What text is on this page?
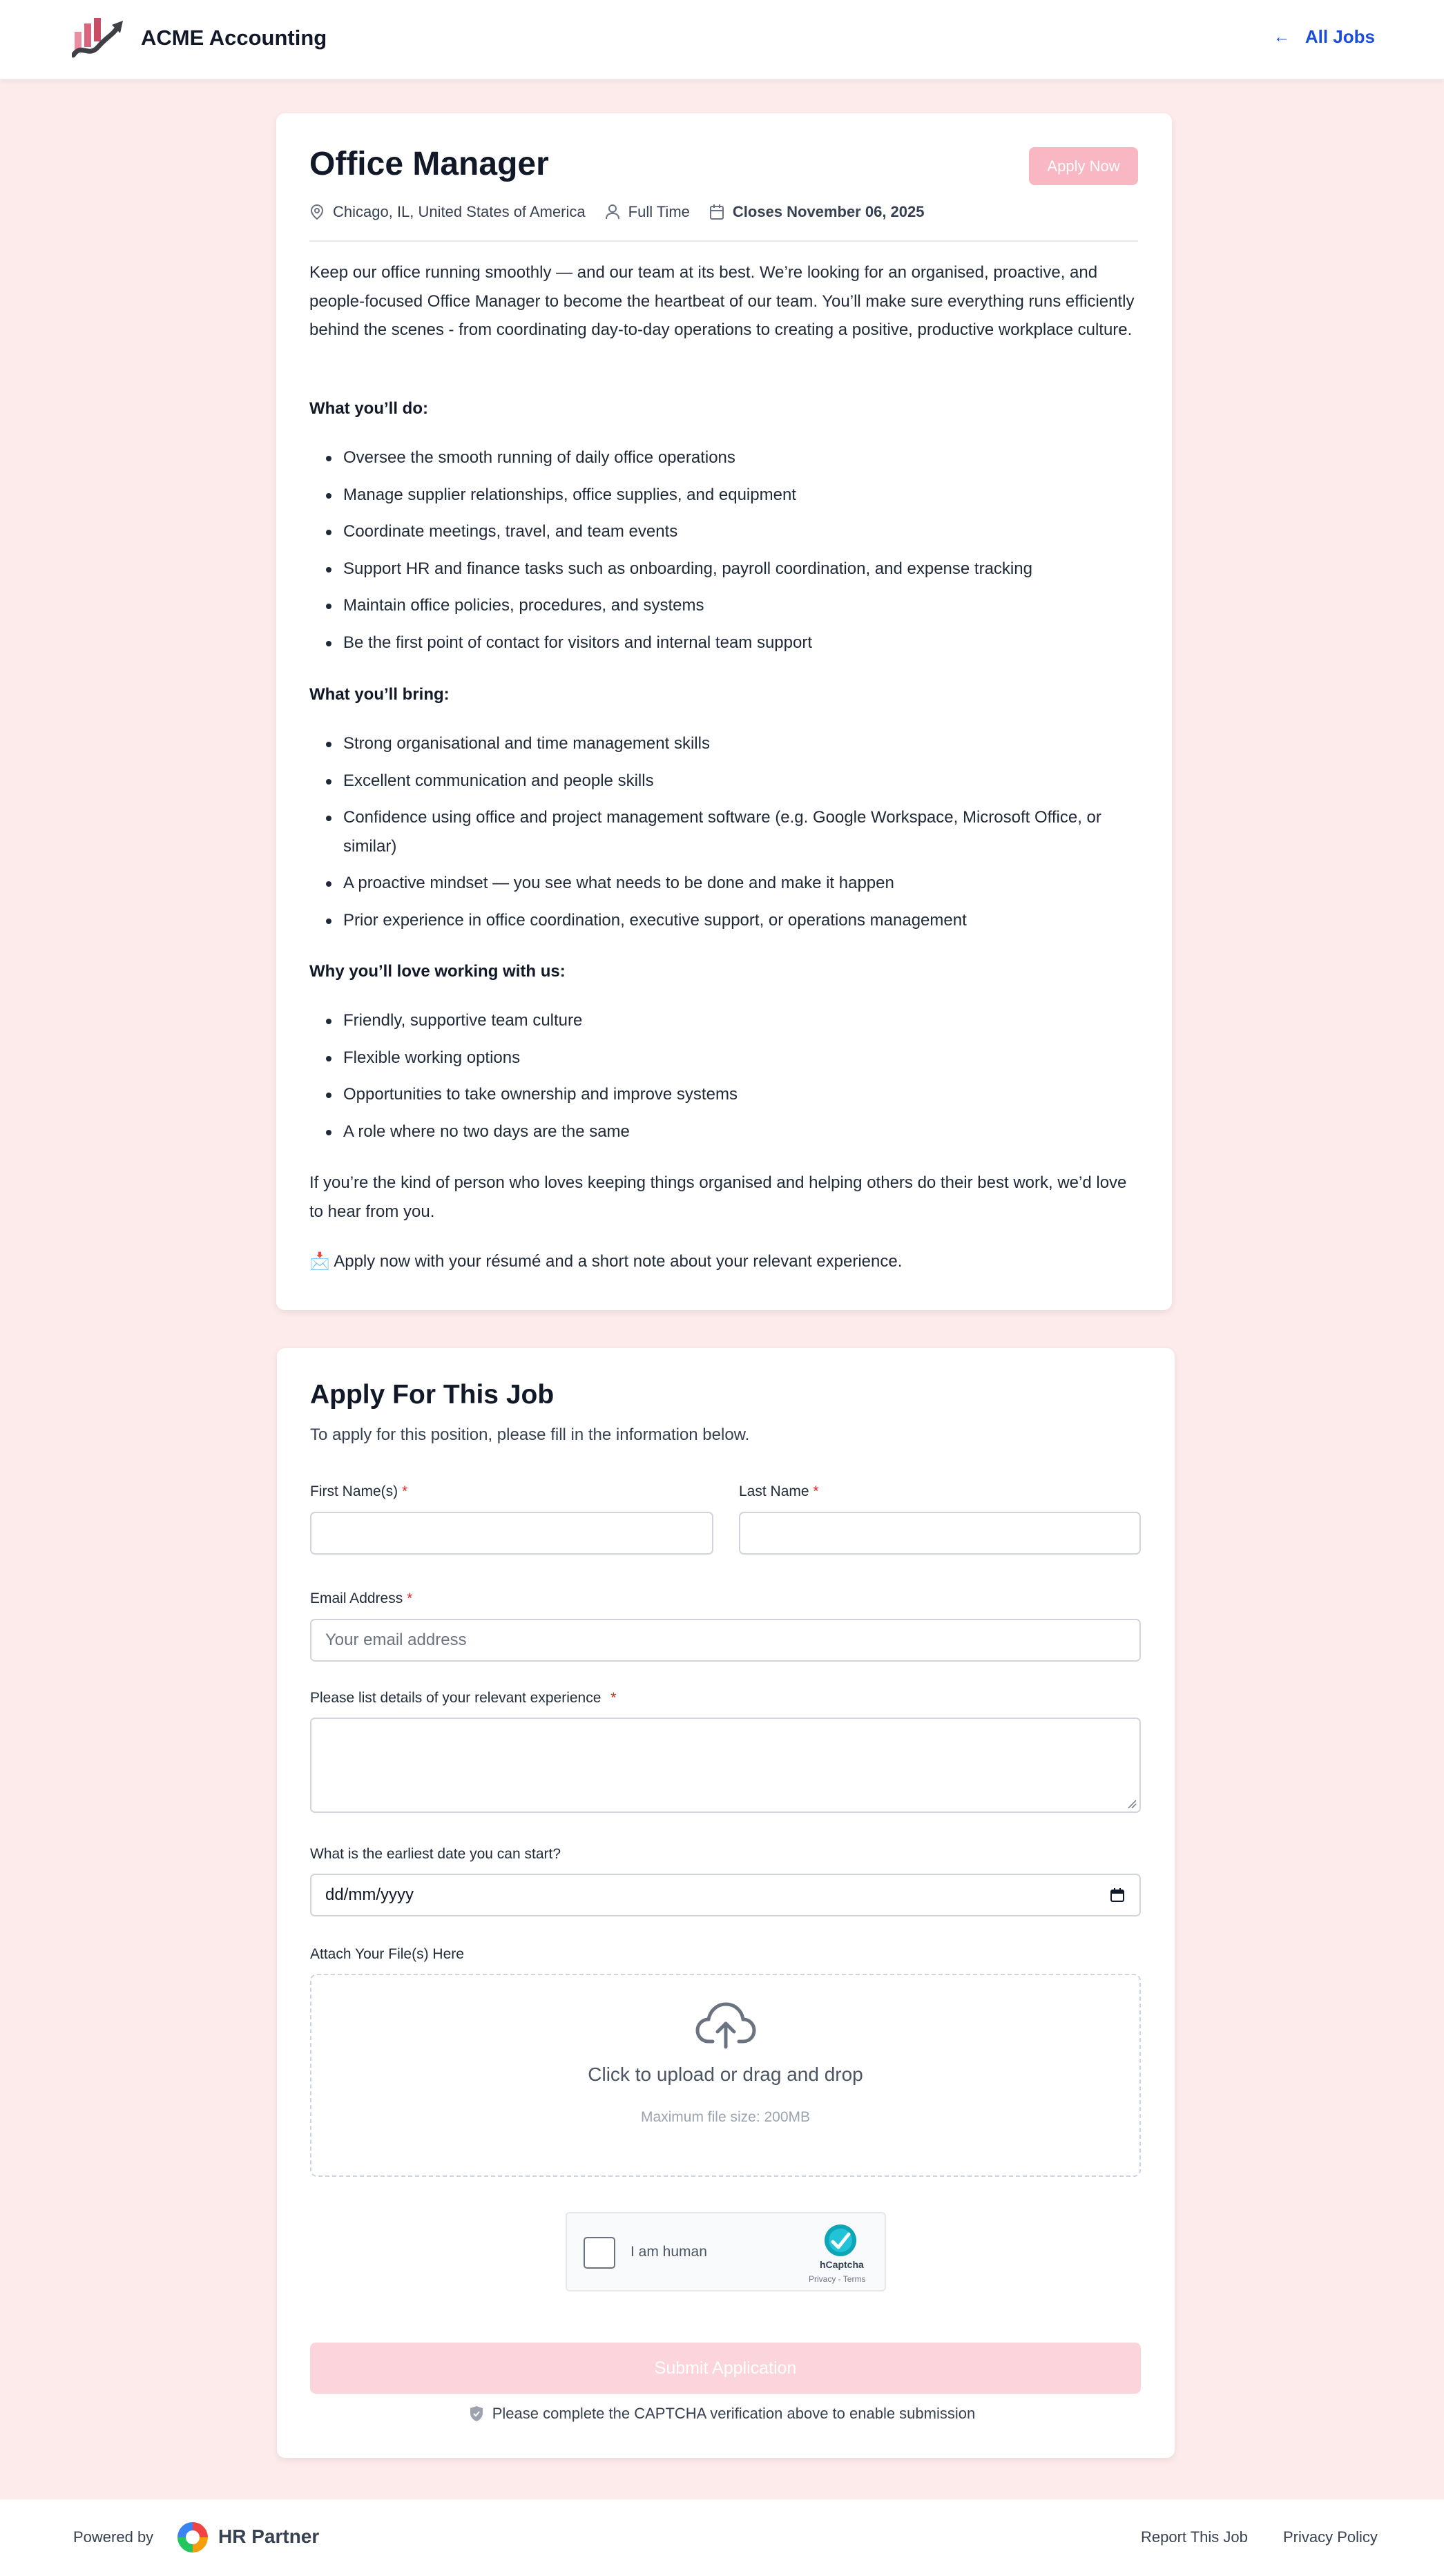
ACME Accounting	← All Jobs
Office Manager	Apply Now
Chicago, IL, United States of America	Full Time	Closes November 06, 2025

Keep our office running smoothly — and our team at its best. We’re looking for an organised, proactive, and people-focused Office Manager to become the heartbeat of our team. You’ll make sure everything runs efficiently behind the scenes - from coordinating day-to-day operations to creating a positive, productive workplace culture.

What you’ll do:
Oversee the smooth running of daily office operations
Manage supplier relationships, office supplies, and equipment
Coordinate meetings, travel, and team events
Support HR and finance tasks such as onboarding, payroll coordination, and expense tracking
Maintain office policies, procedures, and systems
Be the first point of contact for visitors and internal team support
What you’ll bring:
Strong organisational and time management skills
Excellent communication and people skills
Confidence using office and project management software (e.g. Google Workspace, Microsoft Office, or similar)
A proactive mindset — you see what needs to be done and make it happen
Prior experience in office coordination, executive support, or operations management
Why you’ll love working with us:
Friendly, supportive team culture
Flexible working options
Opportunities to take ownership and improve systems
A role where no two days are the same

If you’re the kind of person who loves keeping things organised and helping others do their best work, we’d love to hear from you.

📩 Apply now with your résumé and a short note about your relevant experience.

Apply For This Job
To apply for this position, please fill in the information below.
First Name(s) *	Last Name *
Email Address *
Your email address
Please list details of your relevant experience *
What is the earliest date you can start?
dd/mm/yyyy
Attach Your File(s) Here
Click to upload or drag and drop
Maximum file size: 200MB
I am human
hCaptcha
Privacy - Terms
Submit Application
Please complete the CAPTCHA verification above to enable submission
Powered by	HR Partner	Report This Job Privacy Policy
